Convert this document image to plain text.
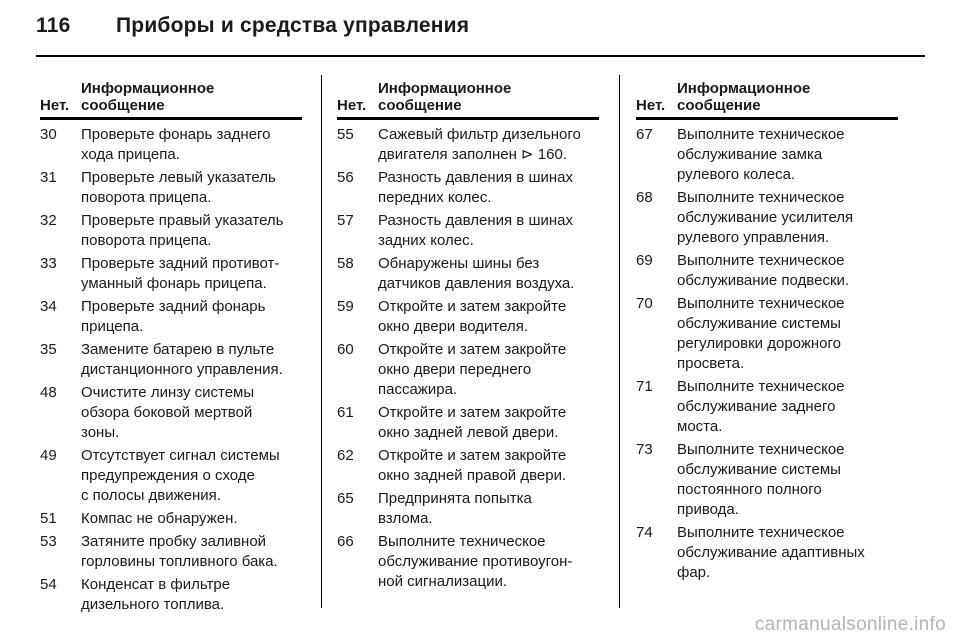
116 Приборы и средства управления
Нет.
Информационное
сообщение
30	Проверьте фонарь заднего
хода прицепа.
31	Проверьте левый указатель
поворота прицепа.
32	Проверьте правый указатель
поворота прицепа.
33	Проверьте задний противот-
уманный фонарь прицепа.
34	Проверьте задний фонарь
прицепа.
35	Замените батарею в пульте
дистанционного управления.
48	Очистите линзу системы
обзора боковой мертвой
зоны.
49	Отсутствует сигнал системы
предупреждения о сходе
с полосы движения.
51	Компас не обнаружен.
53	Затяните пробку заливной
горловины топливного бака.
54	Конденсат в фильтре
дизельного топлива.
Нет.
Информационное
сообщение
55	Сажевый фильтр дизельного
двигателя заполнен ⊳ 160.
56	Разность давления в шинах
передних колес.
57	Разность давления в шинах
задних колес.
58	Обнаружены шины без
датчиков давления воздуха.
59	Откройте и затем закройте
окно двери водителя.
60	Откройте и затем закройте
окно двери переднего
пассажира.
61	Откройте и затем закройте
окно задней левой двери.
62	Откройте и затем закройте
окно задней правой двери.
65	Предпринята попытка
взлома.
66	Выполните техническое
обслуживание противоугон-
ной сигнализации.
Нет.
Информационное
сообщение
67	Выполните техническое
обслуживание замка
рулевого колеса.
68	Выполните техническое
обслуживание усилителя
рулевого управления.
69	Выполните техническое
обслуживание подвески.
70	Выполните техническое
обслуживание системы
регулировки дорожного
просвета.
71	Выполните техническое
обслуживание заднего
моста.
73	Выполните техническое
обслуживание системы
постоянного полного
привода.
74	Выполните техническое
обслуживание адаптивных
фар.
carmanualsonline.info
